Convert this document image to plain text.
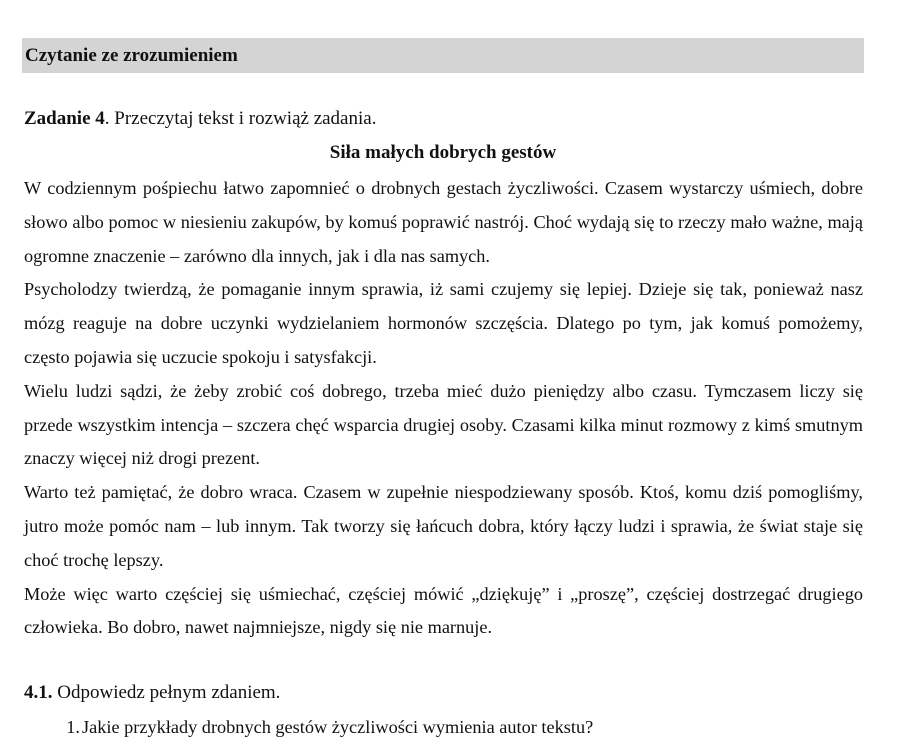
Czytanie ze zrozumieniem
Zadanie 4. Przeczytaj tekst i rozwiąż zadania.
Siła małych dobrych gestów

W codziennym pośpiechu łatwo zapomnieć o drobnych gestach życzliwości. Czasem wystarczy uśmiech, dobre słowo albo pomoc w niesieniu zakupów, by komuś poprawić nastrój. Choć wydają się to rzeczy mało ważne, mają ogromne znaczenie – zarówno dla innych, jak i dla nas samych.

Psycholodzy twierdzą, że pomaganie innym sprawia, iż sami czujemy się lepiej. Dzieje się tak, ponieważ nasz mózg reaguje na dobre uczynki wydzielaniem hormonów szczęścia. Dlatego po tym, jak komuś pomożemy, często pojawia się uczucie spokoju i satysfakcji.

Wielu ludzi sądzi, że żeby zrobić coś dobrego, trzeba mieć dużo pieniędzy albo czasu. Tymczasem liczy się przede wszystkim intencja – szczera chęć wsparcia drugiej osoby. Czasami kilka minut rozmowy z kimś smutnym znaczy więcej niż drogi prezent.

Warto też pamiętać, że dobro wraca. Czasem w zupełnie niespodziewany sposób. Ktoś, komu dziś pomogliśmy, jutro może pomóc nam – lub innym. Tak tworzy się łańcuch dobra, który łączy ludzi i sprawia, że świat staje się choć trochę lepszy.

Może więc warto częściej się uśmiechać, częściej mówić „dziękuję” i „proszę”, częściej dostrzegać drugiego człowieka. Bo dobro, nawet najmniejsze, nigdy się nie marnuje.

4.1. Odpowiedz pełnym zdaniem.
1. Jakie przykłady drobnych gestów życzliwości wymienia autor tekstu?
